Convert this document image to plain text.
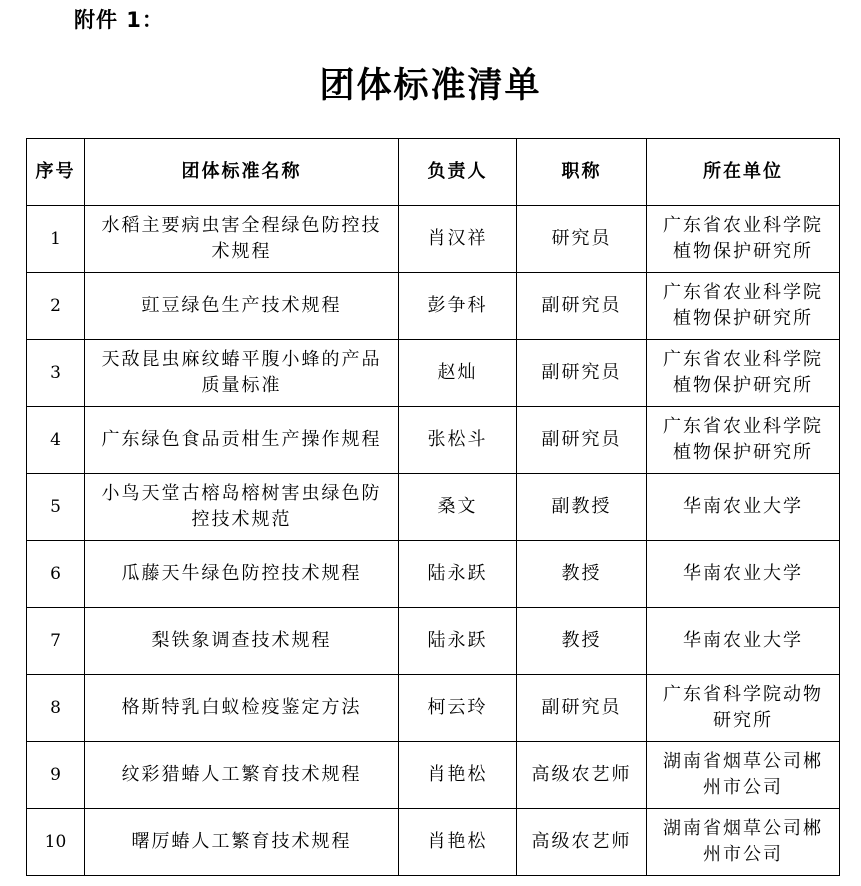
附件 1：
团体标准清单
序号	团体标准名称	负责人	职称	所在单位
1	水稻主要病虫害全程绿色防控技术规程	肖汉祥	研究员	广东省农业科学院植物保护研究所
2	豇豆绿色生产技术规程	彭争科	副研究员	广东省农业科学院植物保护研究所
3	天敌昆虫麻纹蝽平腹小蜂的产品质量标准	赵灿	副研究员	广东省农业科学院植物保护研究所
4	广东绿色食品贡柑生产操作规程	张松斗	副研究员	广东省农业科学院植物保护研究所
5	小鸟天堂古榕岛榕树害虫绿色防控技术规范	桑文	副教授	华南农业大学
6	瓜藤天牛绿色防控技术规程	陆永跃	教授	华南农业大学
7	梨铁象调查技术规程	陆永跃	教授	华南农业大学
8	格斯特乳白蚁检疫鉴定方法	柯云玲	副研究员	广东省科学院动物研究所
9	纹彩猎蝽人工繁育技术规程	肖艳松	高级农艺师	湖南省烟草公司郴州市公司
10	曙厉蝽人工繁育技术规程	肖艳松	高级农艺师	湖南省烟草公司郴州市公司
